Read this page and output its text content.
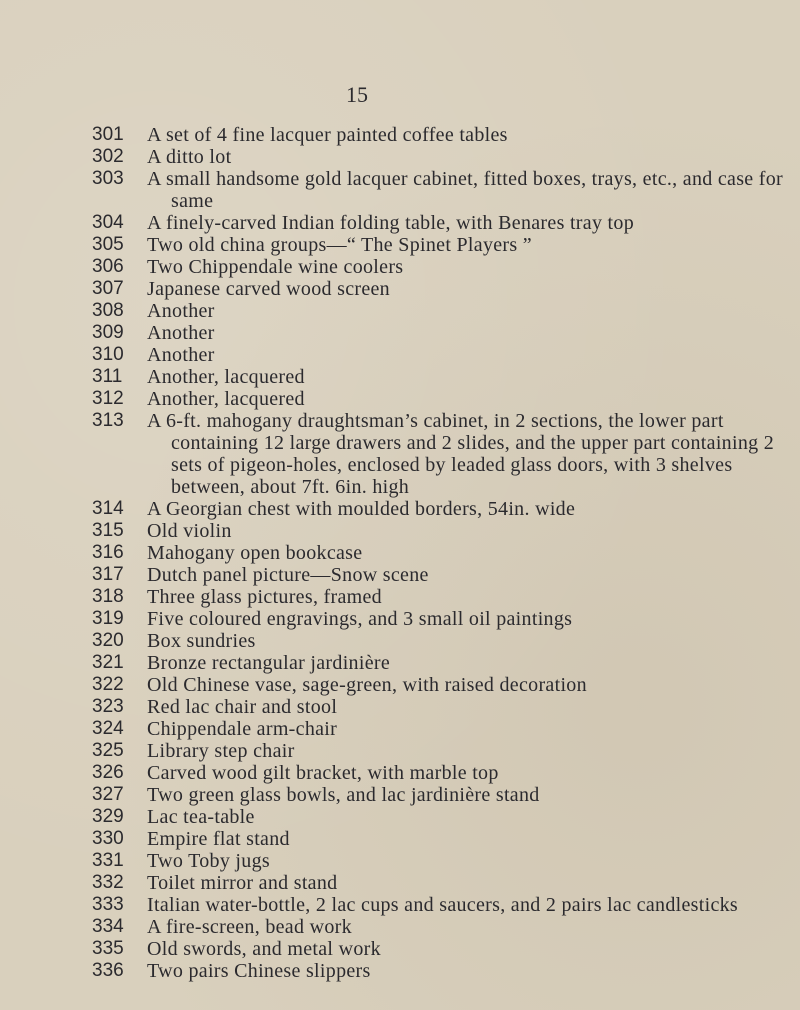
15
301 A set of 4 fine lacquer painted coffee tables
302 A ditto lot
303 A small handsome gold lacquer cabinet, fitted boxes, trays, etc., and case for same
304 A finely-carved Indian folding table, with Benares tray top
305 Two old china groups—“ The Spinet Players ”
306 Two Chippendale wine coolers
307 Japanese carved wood screen
308 Another
309 Another
310 Another
311 Another, lacquered
312 Another, lacquered
313 A 6-ft. mahogany draughtsman’s cabinet, in 2 sections, the lower part containing 12 large drawers and 2 slides, and the upper part containing 2 sets of pigeon-holes, enclosed by leaded glass doors, with 3 shelves between, about 7ft. 6in. high
314 A Georgian chest with moulded borders, 54in. wide
315 Old violin
316 Mahogany open bookcase
317 Dutch panel picture—Snow scene
318 Three glass pictures, framed
319 Five coloured engravings, and 3 small oil paintings
320 Box sundries
321 Bronze rectangular jardinière
322 Old Chinese vase, sage-green, with raised decoration
323 Red lac chair and stool
324 Chippendale arm-chair
325 Library step chair
326 Carved wood gilt bracket, with marble top
327 Two green glass bowls, and lac jardinière stand
329 Lac tea-table
330 Empire flat stand
331 Two Toby jugs
332 Toilet mirror and stand
333 Italian water-bottle, 2 lac cups and saucers, and 2 pairs lac candlesticks
334 A fire-screen, bead work
335 Old swords, and metal work
336 Two pairs Chinese slippers
